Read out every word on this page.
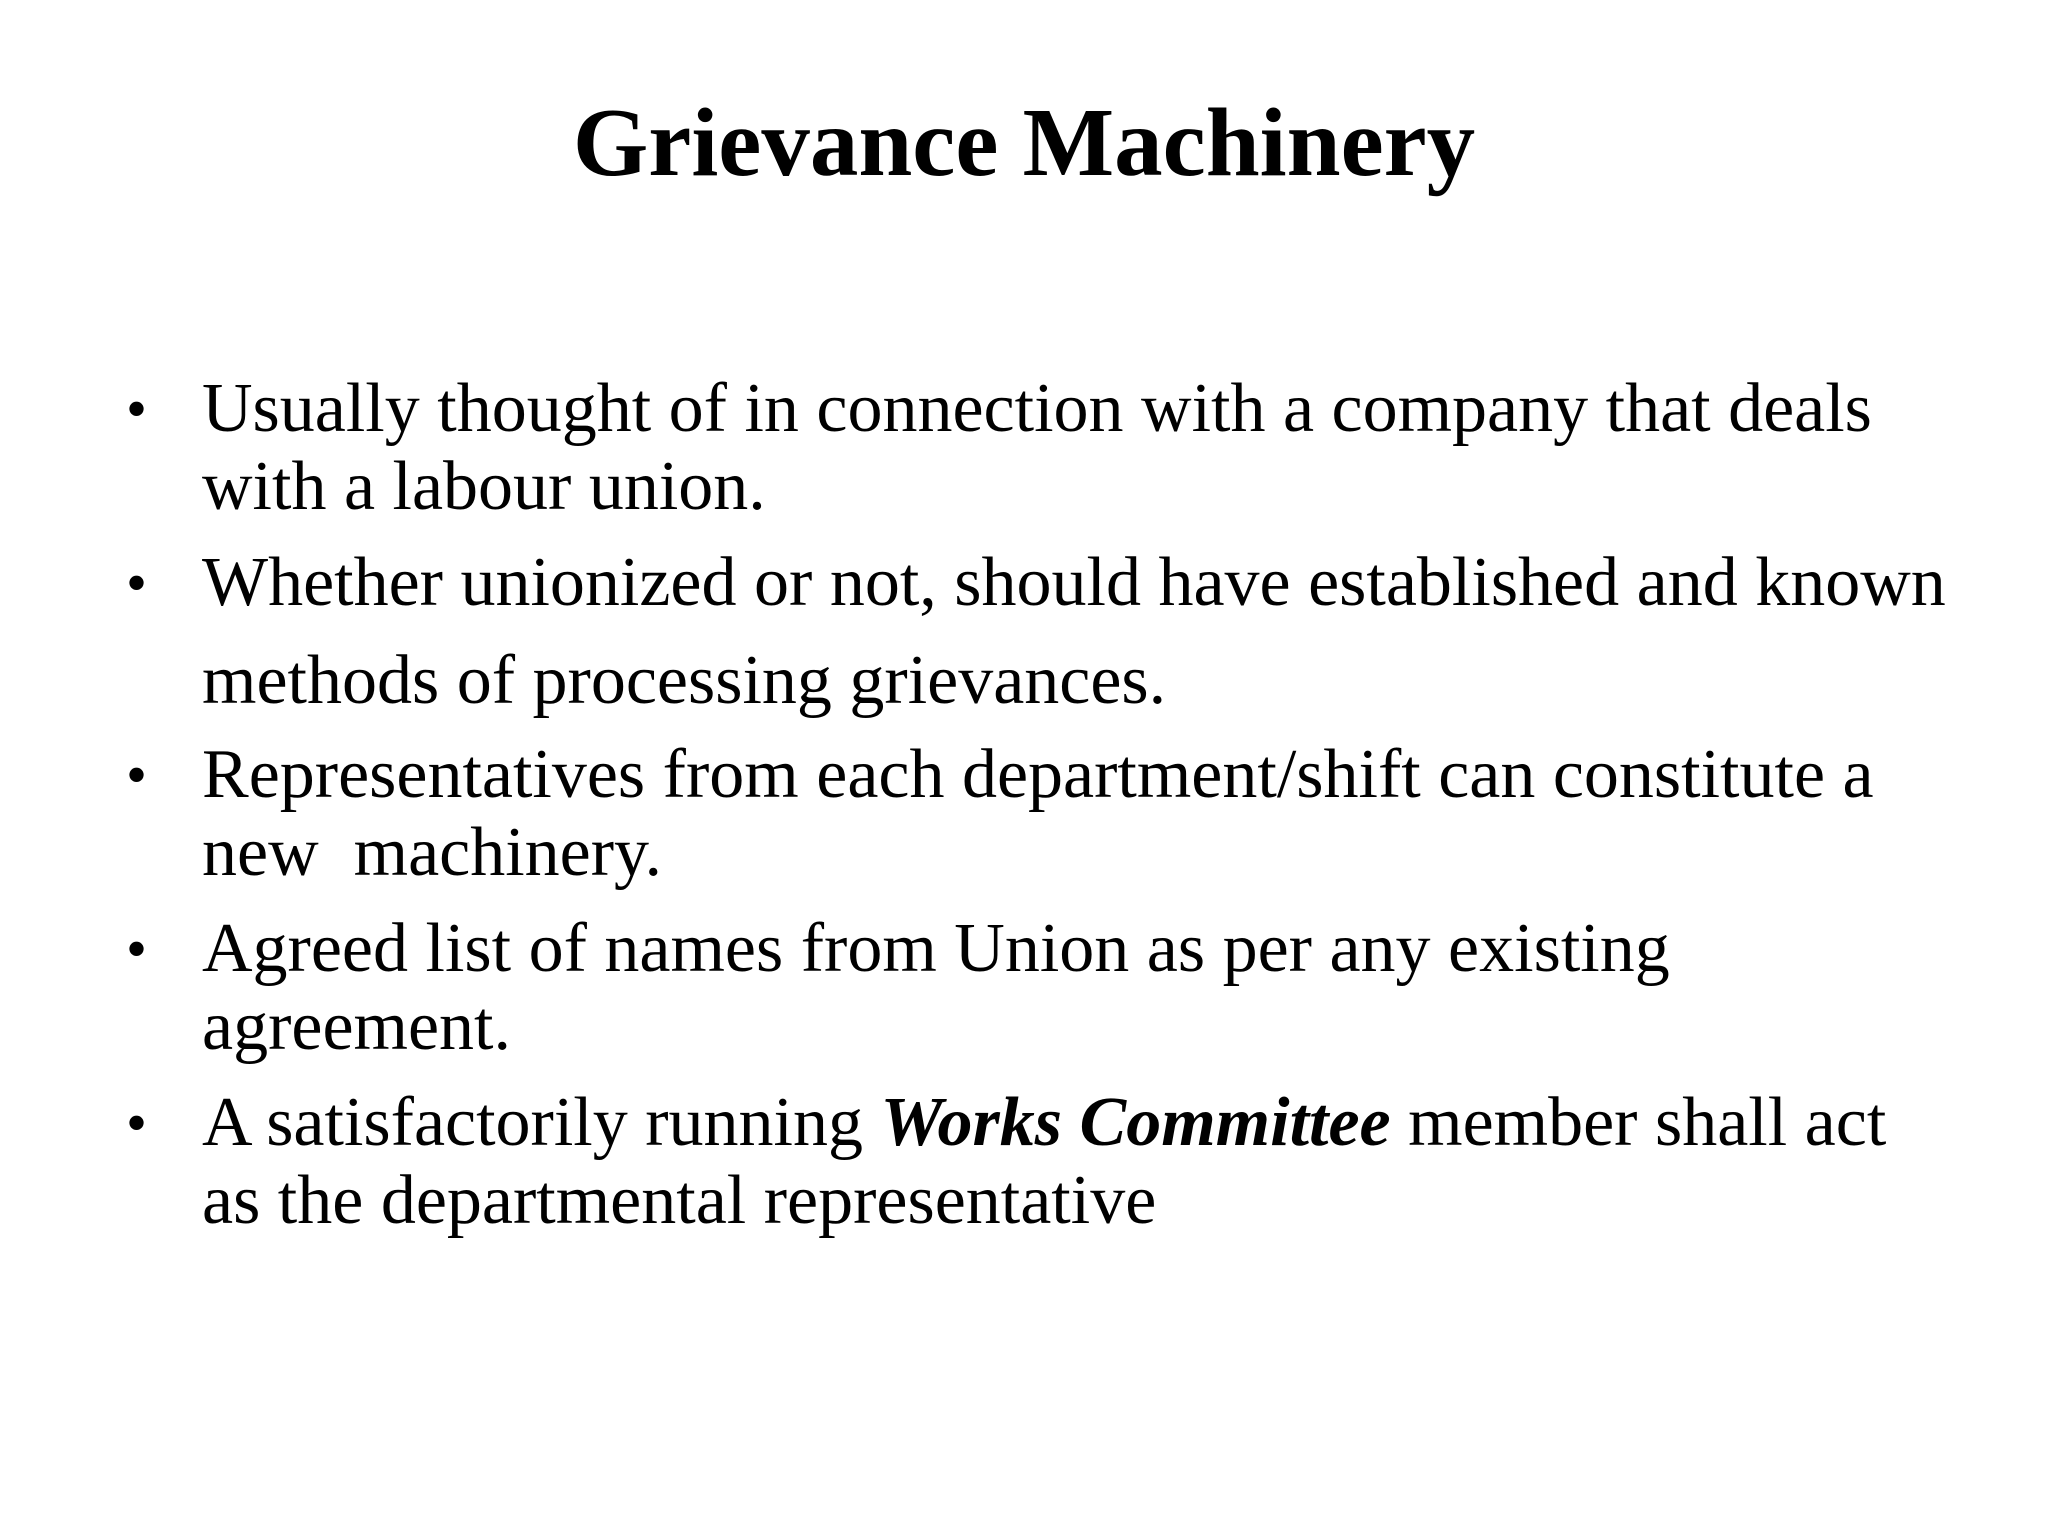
Grievance Machinery
• Usually thought of in connection with a company that deals with a labour union.
• Whether unionized or not, should have established and known methods of processing grievances.
• Representatives from each department/shift can constitute a new  machinery.
• Agreed list of names from Union as per any existing agreement.
• A satisfactorily running Works Committee member shall act as the departmental representative
